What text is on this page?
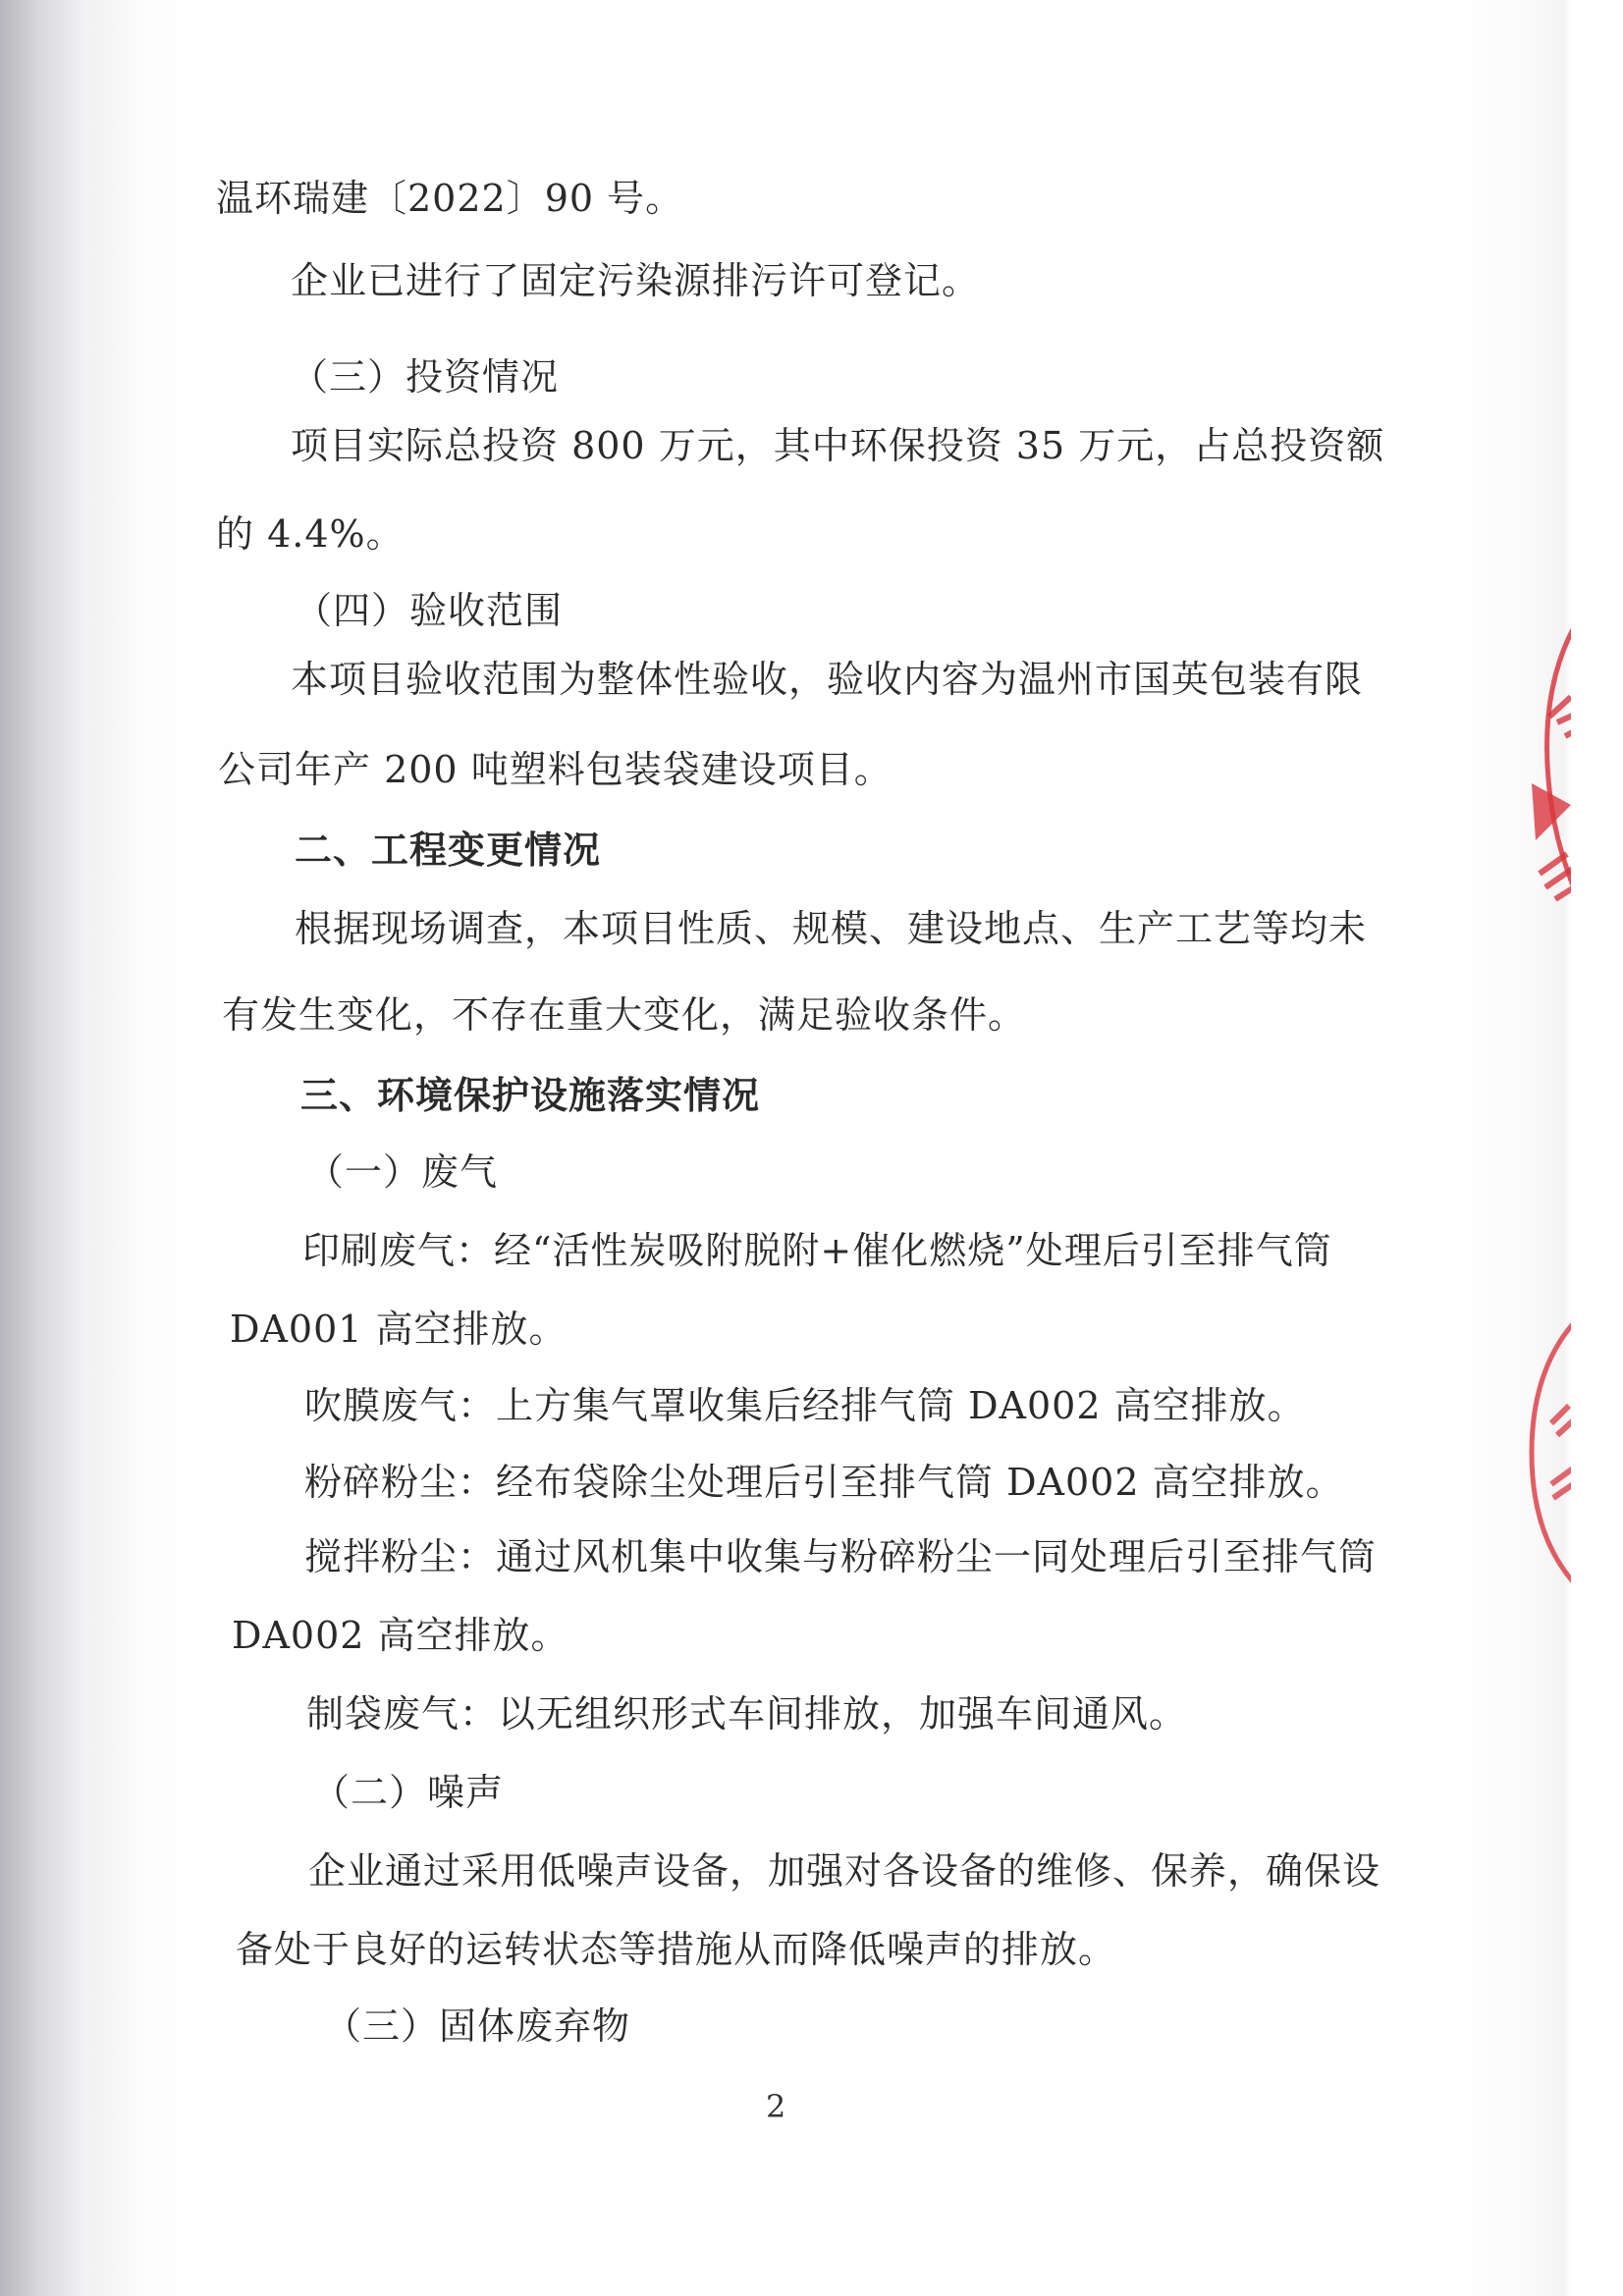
温环瑞建〔2022〕90 号。
企业已进行了固定污染源排污许可登记。
（三）投资情况
项目实际总投资 800 万元，其中环保投资 35 万元，占总投资额
的 4.4%。
（四）验收范围
本项目验收范围为整体性验收，验收内容为温州市国英包装有限
公司年产 200 吨塑料包装袋建设项目。
二、工程变更情况
根据现场调查，本项目性质、规模、建设地点、生产工艺等均未
有发生变化，不存在重大变化，满足验收条件。
三、环境保护设施落实情况
（一）废气
印刷废气：经“活性炭吸附脱附+催化燃烧”处理后引至排气筒
DA001 高空排放。
吹膜废气：上方集气罩收集后经排气筒 DA002 高空排放。
粉碎粉尘：经布袋除尘处理后引至排气筒 DA002 高空排放。
搅拌粉尘：通过风机集中收集与粉碎粉尘一同处理后引至排气筒
DA002 高空排放。
制袋废气：以无组织形式车间排放，加强车间通风。
（二）噪声
企业通过采用低噪声设备，加强对各设备的维修、保养，确保设
备处于良好的运转状态等措施从而降低噪声的排放。
（三）固体废弃物
2
